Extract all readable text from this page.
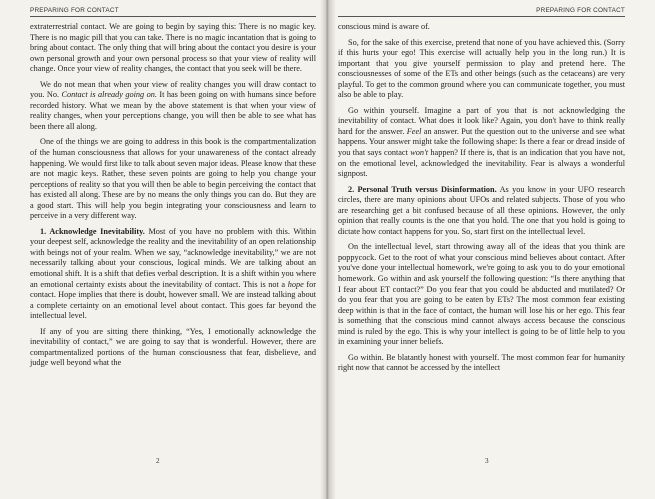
PREPARING FOR CONTACT

extraterrestrial contact. We are going to begin by saying this: There is no magic key. There is no magic pill that you can take. There is no magic incantation that is going to bring about contact. The only thing that will bring about the contact you desire is your own personal growth and your own personal process so that your view of reality will change. Once your view of reality changes, the contact that you seek will be there.

We do not mean that when your view of reality changes you will draw contact to you. No. Contact is already going on. It has been going on with humans since before recorded history. What we mean by the above statement is that when your view of reality changes, when your perceptions change, you will then be able to see what has been there all along.

One of the things we are going to address in this book is the compartmentalization of the human consciousness that allows for your unawareness of the contact already happening. We would first like to talk about seven major ideas. Please know that these are not magic keys. Rather, these seven points are going to help you change your perceptions of reality so that you will then be able to begin perceiving the contact that has existed all along. These are by no means the only things you can do. But they are a good start. This will help you begin integrating your consciousness and learn to perceive in a very different way.

1. Acknowledge Inevitability. Most of you have no problem with this. Within your deepest self, acknowledge the reality and the inevitability of an open relationship with beings not of your realm. When we say, “acknowledge inevitability,” we are not necessarily talking about your conscious, logical minds. We are talking about an emotional shift. It is a shift that defies verbal description. It is a shift within you where an emotional certainty exists about the inevitability of contact. This is not a hope for contact. Hope implies that there is doubt, however small. We are instead talking about a complete certainty on an emotional level about contact. This goes far beyond the intellectual level.

If any of you are sitting there thinking, “Yes, I emotionally acknowledge the inevitability of contact,” we are going to say that is wonderful. However, there are compartmentalized portions of the human consciousness that fear, disbelieve, and judge well beyond what the

2
PREPARING FOR CONTACT

conscious mind is aware of.

So, for the sake of this exercise, pretend that none of you have achieved this. (Sorry if this hurts your ego! This exercise will actually help you in the long run.) It is important that you give yourself permission to play and pretend here. The consciousnesses of some of the ETs and other beings (such as the cetaceans) are very playful. To get to the common ground where you can communicate together, you must also be able to play.

Go within yourself. Imagine a part of you that is not acknowledging the inevitability of contact. What does it look like? Again, you don't have to think really hard for the answer. Feel an answer. Put the question out to the universe and see what happens. Your answer might take the following shape: Is there a fear or dread inside of you that says contact won't happen? If there is, that is an indication that you have not, on the emotional level, acknowledged the inevitability. Fear is always a wonderful signpost.

2. Personal Truth versus Disinformation. As you know in your UFO research circles, there are many opinions about UFOs and related subjects. Those of you who are researching get a bit confused because of all these opinions. However, the only opinion that really counts is the one that you hold. The one that you hold is going to dictate how contact happens for you. So, start first on the intellectual level.

On the intellectual level, start throwing away all of the ideas that you think are poppycock. Get to the root of what your conscious mind believes about contact. After you've done your intellectual homework, we're going to ask you to do your emotional homework. Go within and ask yourself the following question: “Is there anything that I fear about ET contact?” Do you fear that you could be abducted and mutilated? Or do you fear that you are going to be eaten by ETs? The most common fear existing deep within is that in the face of contact, the human will lose his or her ego. This fear is something that the conscious mind cannot always access because the conscious mind is ruled by the ego. This is why your intellect is going to be of little help to you in examining your inner beliefs.

Go within. Be blatantly honest with yourself. The most common fear for humanity right now that cannot be accessed by the intellect

3
